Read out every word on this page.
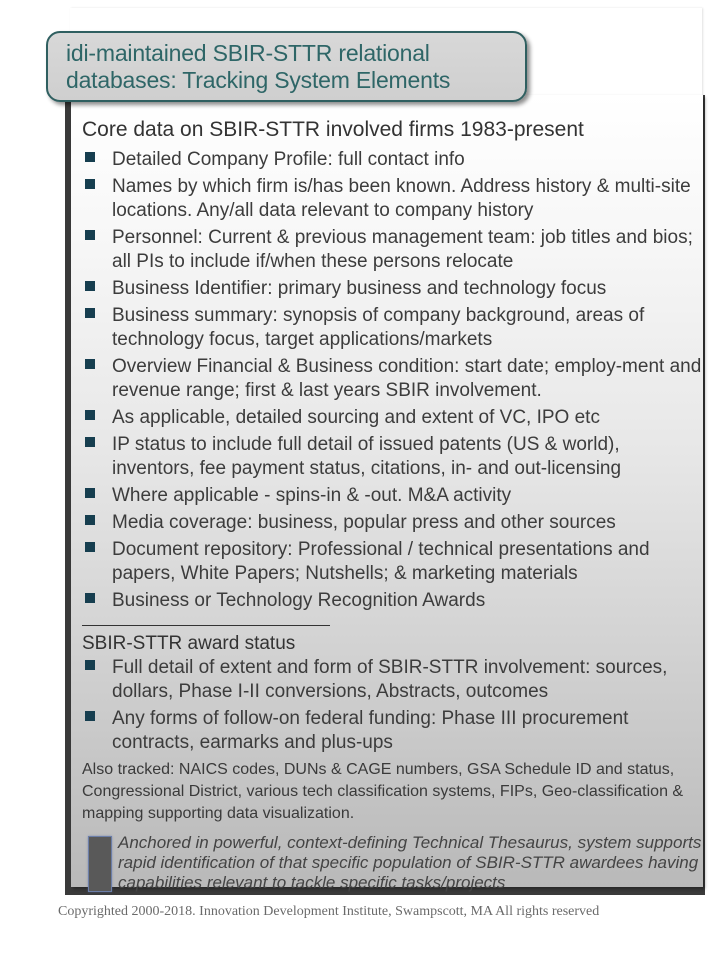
idi-maintained SBIR-STTR relational
databases: Tracking System Elements
Core data on SBIR-STTR involved firms 1983-present
Detailed Company Profile: full contact info
Names by which firm is/has been known. Address history & multi-site locations. Any/all data relevant to company history
Personnel: Current & previous management team: job titles and bios; all PIs to include if/when these persons relocate
Business Identifier: primary business and technology focus
Business summary: synopsis of company background, areas of technology focus, target applications/markets
Overview Financial & Business condition: start date; employ-ment and revenue range; first & last years SBIR involvement.
As applicable, detailed sourcing and extent of VC, IPO etc
IP status to include full detail of issued patents (US & world), inventors, fee payment status, citations, in- and out-licensing
Where applicable - spins-in & -out. M&A activity
Media coverage: business, popular press and other sources
Document repository: Professional / technical presentations and papers, White Papers; Nutshells; & marketing materials
Business or Technology Recognition Awards
SBIR-STTR award status
Full detail of extent and form of SBIR-STTR involvement: sources, dollars, Phase I-II conversions, Abstracts, outcomes
Any forms of follow-on federal funding: Phase III procurement contracts, earmarks and plus-ups
Also tracked: NAICS codes, DUNs & CAGE numbers, GSA Schedule ID and status, Congressional District, various tech classification systems, FIPs, Geo-classification & mapping supporting data visualization.
Anchored in powerful, context-defining Technical Thesaurus, system supports rapid identification of that specific population of SBIR-STTR awardees having capabilities relevant to tackle specific tasks/projects
Copyrighted 2000-2018. Innovation Development Institute, Swampscott, MA All rights reserved
